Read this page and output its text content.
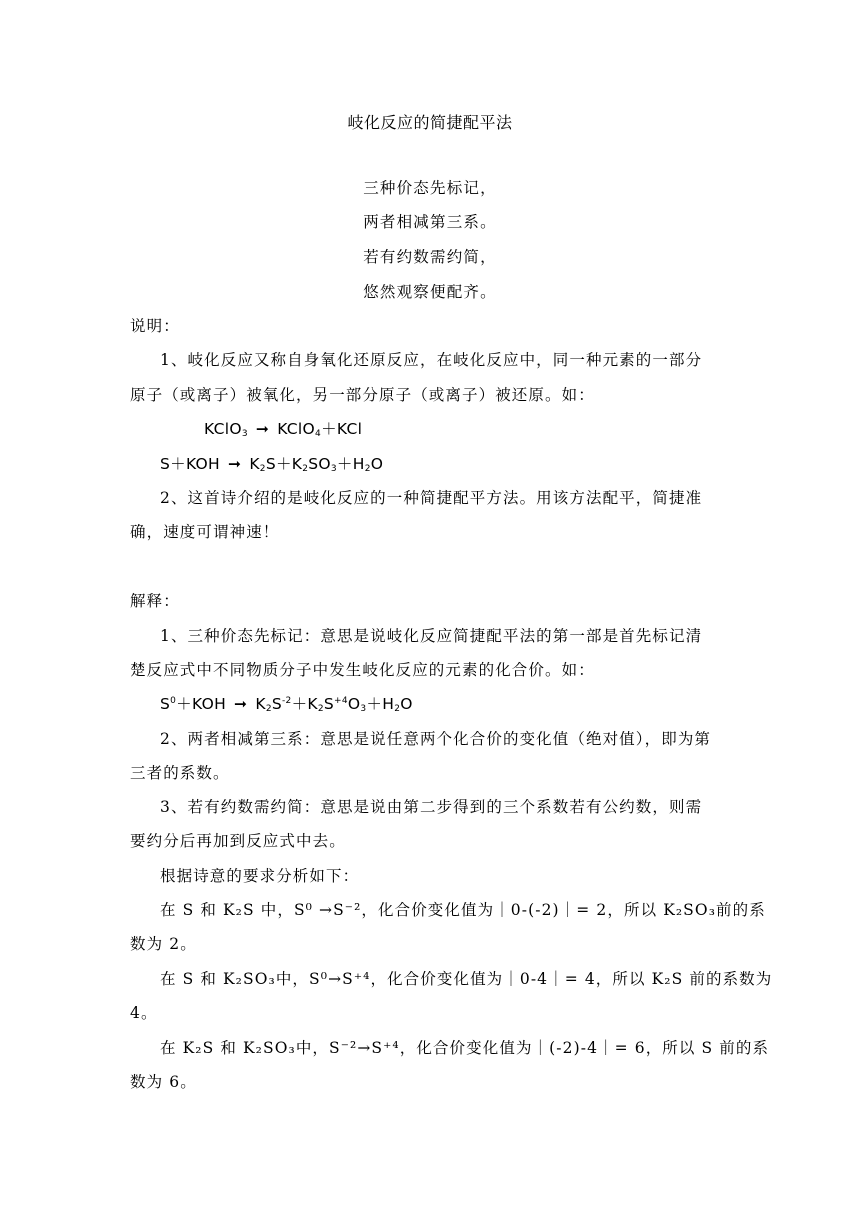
岐化反应的简捷配平法
三种价态先标记，
两者相减第三系。
若有约数需约简，
悠然观察便配齐。
说明：
1、岐化反应又称自身氧化还原反应，在岐化反应中，同一种元素的一部分
原子（或离子）被氧化，另一部分原子（或离子）被还原。如：
KClO$_3$ ➞ KClO$_4$＋KCl
S＋KOH ➞ $K_2S+K_2SO_3+H_2O$
2、这首诗介绍的是岐化反应的一种简捷配平方法。用该方法配平，简捷准
确，速度可谓神速！
解释：
1、三种价态先标记：意思是说岐化反应简捷配平法的第一部是首先标记清
楚反应式中不同物质分子中发生岐化反应的元素的化合价。如：
$S^0+KOH$ ➞ $K_2S^{-2}+K_2S^{+4}O_3+H_2O$
2、两者相减第三系：意思是说任意两个化合价的变化值（绝对值），即为第
三者的系数。
3、若有约数需约简：意思是说由第二步得到的三个系数若有公约数，则需
要约分后再加到反应式中去。
根据诗意的要求分析如下：
在 S 和 K₂S 中，S⁰ →S⁻²，化合价变化值为｜0-(-2)｜= 2，所以 K₂SO₃前的系
数为 2。
在 S 和 K₂SO₃中，S⁰→S⁺⁴，化合价变化值为｜0-4｜= 4，所以 K₂S 前的系数为
4。
在 K₂S 和 K₂SO₃中，S⁻²→S⁺⁴，化合价变化值为｜(-2)-4｜= 6，所以 S 前的系
数为 6。
